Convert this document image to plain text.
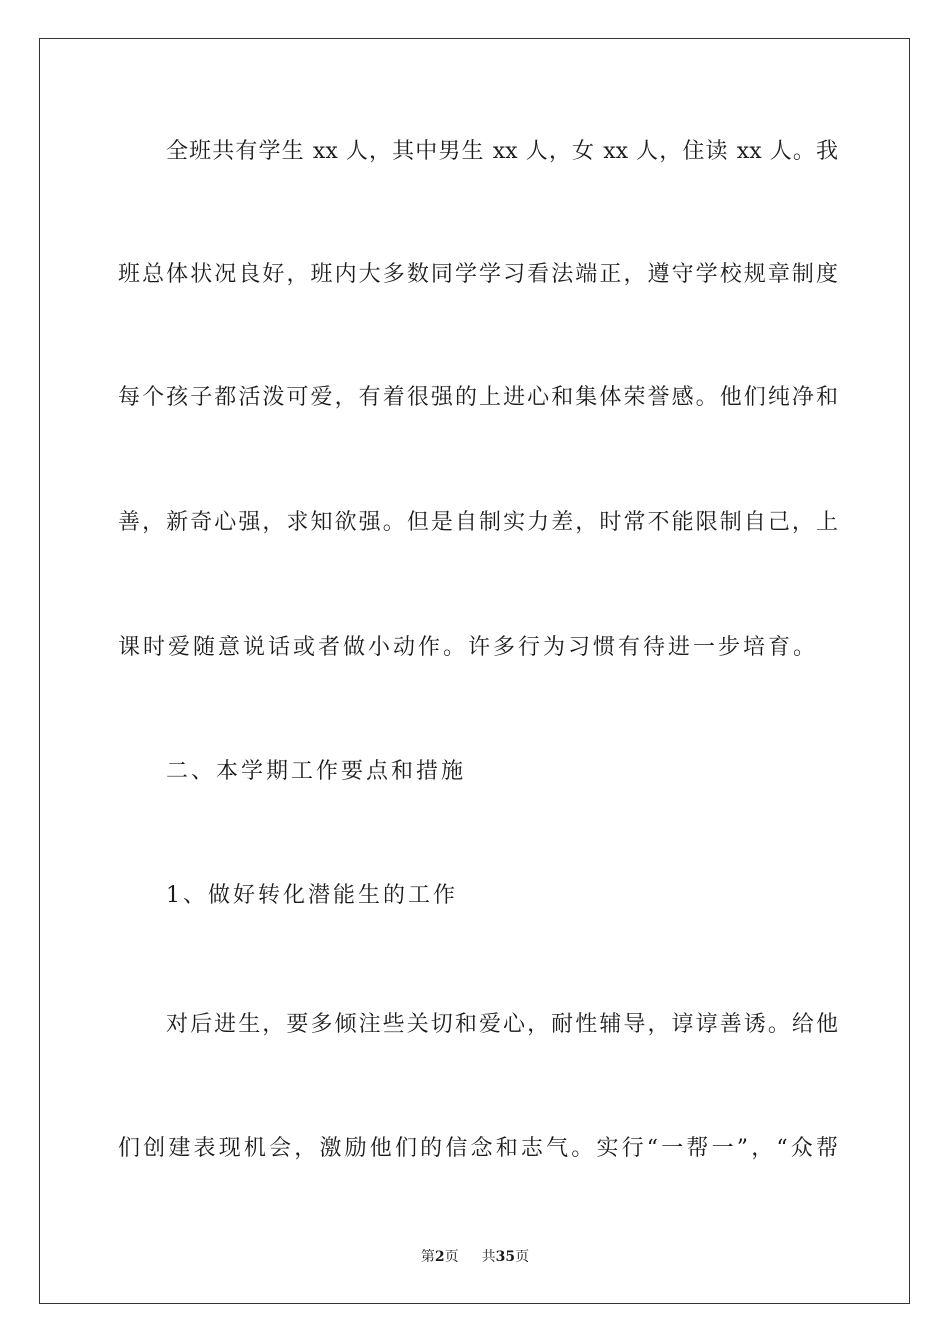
全班共有学生 xx 人，其中男生 xx 人，女 xx 人，住读 xx 人。我
班总体状况良好，班内大多数同学学习看法端正，遵守学校规章制度
每个孩子都活泼可爱，有着很强的上进心和集体荣誉感。他们纯净和
善，新奇心强，求知欲强。但是自制实力差，时常不能限制自己，上
课时爱随意说话或者做小动作。许多行为习惯有待进一步培育。
二、本学期工作要点和措施
1、做好转化潜能生的工作
对后进生，要多倾注些关切和爱心，耐性辅导，谆谆善诱。给他
们创建表现机会，激励他们的信念和志气。实行“一帮一”，“众帮
第2页 共35页
